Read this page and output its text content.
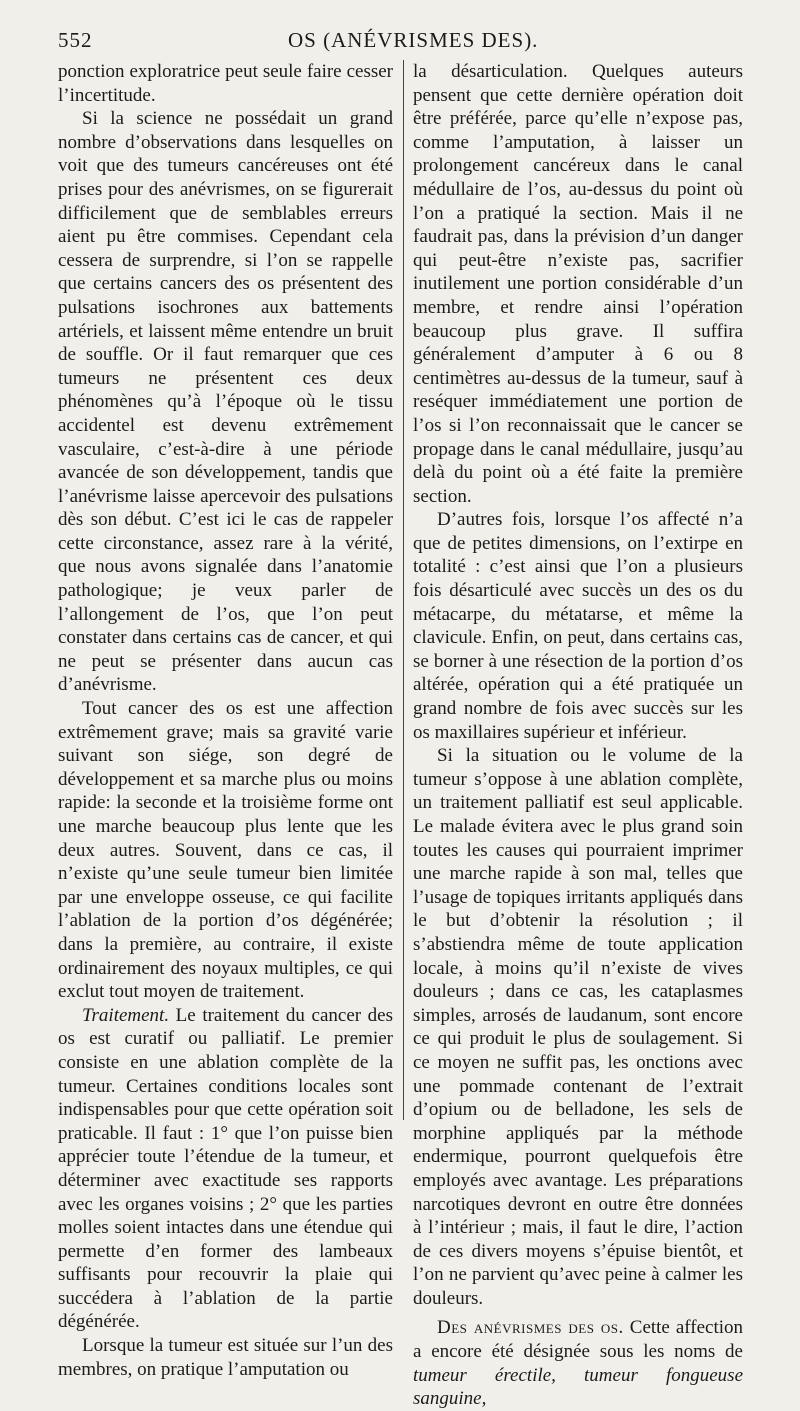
552	OS (ANÉVRISMES DES).

ponction exploratrice peut seule faire cesser l’incertitude.

Si la science ne possédait un grand nombre d’observations dans lesquelles on voit que des tumeurs cancéreuses ont été prises pour des anévrismes, on se figurerait difficilement que de semblables erreurs aient pu être commises. Cependant cela cessera de surprendre, si l’on se rappelle que certains cancers des os présentent des pulsations isochrones aux battements artériels, et laissent même entendre un bruit de souffle. Or il faut remarquer que ces tumeurs ne présentent ces deux phénomènes qu’à l’époque où le tissu accidentel est devenu extrêmement vasculaire, c’est-à-dire à une période avancée de son développement, tandis que l’anévrisme laisse apercevoir des pulsations dès son début. C’est ici le cas de rappeler cette circonstance, assez rare à la vérité, que nous avons signalée dans l’anatomie pathologique; je veux parler de l’allongement de l’os, que l’on peut constater dans certains cas de cancer, et qui ne peut se présenter dans aucun cas d’anévrisme.

Tout cancer des os est une affection extrêmement grave; mais sa gravité varie suivant son siége, son degré de développement et sa marche plus ou moins rapide: la seconde et la troisième forme ont une marche beaucoup plus lente que les deux autres. Souvent, dans ce cas, il n’existe qu’une seule tumeur bien limitée par une enveloppe osseuse, ce qui facilite l’ablation de la portion d’os dégénérée; dans la première, au contraire, il existe ordinairement des noyaux multiples, ce qui exclut tout moyen de traitement.

Traitement. Le traitement du cancer des os est curatif ou palliatif. Le premier consiste en une ablation complète de la tumeur. Certaines conditions locales sont indispensables pour que cette opération soit praticable. Il faut : 1° que l’on puisse bien apprécier toute l’étendue de la tumeur, et déterminer avec exactitude ses rapports avec les organes voisins ; 2° que les parties molles soient intactes dans une étendue qui permette d’en former des lambeaux suffisants pour recouvrir la plaie qui succédera à l’ablation de la partie dégénérée.

Lorsque la tumeur est située sur l’un des membres, on pratique l’amputation ou

la désarticulation. Quelques auteurs pensent que cette dernière opération doit être préférée, parce qu’elle n’expose pas, comme l’amputation, à laisser un prolongement cancéreux dans le canal médullaire de l’os, au-dessus du point où l’on a pratiqué la section. Mais il ne faudrait pas, dans la prévision d’un danger qui peut-être n’existe pas, sacrifier inutilement une portion considérable d’un membre, et rendre ainsi l’opération beaucoup plus grave. Il suffira généralement d’amputer à 6 ou 8 centimètres au-dessus de la tumeur, sauf à reséquer immédiatement une portion de l’os si l’on reconnaissait que le cancer se propage dans le canal médullaire, jusqu’au delà du point où a été faite la première section.

D’autres fois, lorsque l’os affecté n’a que de petites dimensions, on l’extirpe en totalité : c’est ainsi que l’on a plusieurs fois désarticulé avec succès un des os du métacarpe, du métatarse, et même la clavicule. Enfin, on peut, dans certains cas, se borner à une résection de la portion d’os altérée, opération qui a été pratiquée un grand nombre de fois avec succès sur les os maxillaires supérieur et inférieur.

Si la situation ou le volume de la tumeur s’oppose à une ablation complète, un traitement palliatif est seul applicable. Le malade évitera avec le plus grand soin toutes les causes qui pourraient imprimer une marche rapide à son mal, telles que l’usage de topiques irritants appliqués dans le but d’obtenir la résolution ; il s’abstiendra même de toute application locale, à moins qu’il n’existe de vives douleurs ; dans ce cas, les cataplasmes simples, arrosés de laudanum, sont encore ce qui produit le plus de soulagement. Si ce moyen ne suffit pas, les onctions avec une pommade contenant de l’extrait d’opium ou de belladone, les sels de morphine appliqués par la méthode endermique, pourront quelquefois être employés avec avantage. Les préparations narcotiques devront en outre être données à l’intérieur ; mais, il faut le dire, l’action de ces divers moyens s’épuise bientôt, et l’on ne parvient qu’avec peine à calmer les douleurs.

Des anévrismes des os. Cette affection a encore été désignée sous les noms de tumeur érectile, tumeur fongueuse sanguine,
